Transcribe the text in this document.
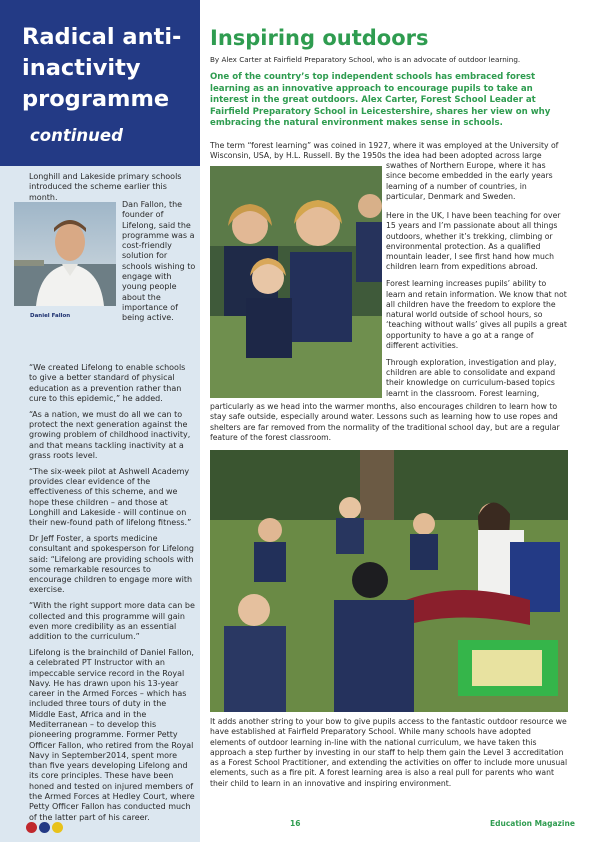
Radical anti-inactivity programme
continued
Longhill and Lakeside primary schools introduced the scheme earlier this month.
Daniel Fallon
Dan Fallon, the founder of Lifelong, said the programme was a cost-friendly solution for schools wishing to engage with young people about the importance of being active.

“We created Lifelong to enable schools to give a better standard of physical education as a prevention rather than cure to this epidemic,” he added.

“As a nation, we must do all we can to protect the next generation against the growing problem of childhood inactivity, and that means tackling inactivity at a grass roots level.

“The six-week pilot at Ashwell Academy provides clear evidence of the effectiveness of this scheme, and we hope these children – and those at Longhill and Lakeside - will continue on their new-found path of lifelong fitness.”

Dr Jeff Foster, a sports medicine consultant and spokesperson for Lifelong said: “Lifelong are providing schools with some remarkable resources to encourage children to engage more with exercise.

“With the right support more data can be collected and this programme will gain even more credibility as an essential addition to the curriculum.”

Lifelong is the brainchild of Daniel Fallon, a celebrated PT Instructor with an impeccable service record in the Royal Navy. He has drawn upon his 13-year career in the Armed Forces – which has included three tours of duty in the Middle East, Africa and in the Mediterranean – to develop this pioneering programme. Former Petty Officer Fallon, who retired from the Royal Navy in September2014, spent more than five years developing Lifelong and its core principles. These have been honed and tested on injured members of the Armed Forces at Hedley Court, where Petty Officer Fallon has conducted much of the latter part of his career.

Inspiring outdoors
By Alex Carter at Fairfield Preparatory School, who is an advocate of outdoor learning.
One of the country’s top independent schools has embraced forest learning as an innovative approach to encourage pupils to take an interest in the great outdoors. Alex Carter, Forest School Leader at Fairfield Preparatory School in Leicestershire, shares her view on why embracing the natural environment makes sense in schools.
The term “forest learning” was coined in 1927, where it was employed at the University of Wisconsin, USA, by H.L. Russell. By the 1950s the idea had been adopted across large
swathes of Northern Europe, where it has since become embedded in the early years learning of a number of countries, in particular, Denmark and Sweden.

Here in the UK, I have been teaching for over 15 years and I’m passionate about all things outdoors, whether it’s trekking, climbing or environmental protection. As a qualified mountain leader, I see first hand how much children learn from expeditions abroad.

Forest learning increases pupils’ ability to learn and retain information. We know that not all children have the freedom to explore the natural world outside of school hours, so ‘teaching without walls’ gives all pupils a great opportunity to have a go at a range of different activities.

Through exploration, investigation and play, children are able to consolidate and expand their knowledge on curriculum-based topics learnt in the classroom. Forest learning,

particularly as we head into the warmer months, also encourages children to learn how to stay safe outside, especially around water. Lessons such as learning how to use ropes and shelters are far removed from the normality of the traditional school day, but are a regular feature of the forest classroom.
It adds another string to your bow to give pupils access to the fantastic outdoor resource we have established at Fairfield Preparatory School. While many schools have adopted elements of outdoor learning in-line with the national curriculum, we have taken this approach a step further by investing in our staff to help them gain the Level 3 accreditation as a Forest School Practitioner, and extending the activities on offer to include more unusual elements, such as a fire pit. A forest learning area is also a real pull for parents who want their child to learn in an innovative and inspiring environment.
16	Education Magazine
